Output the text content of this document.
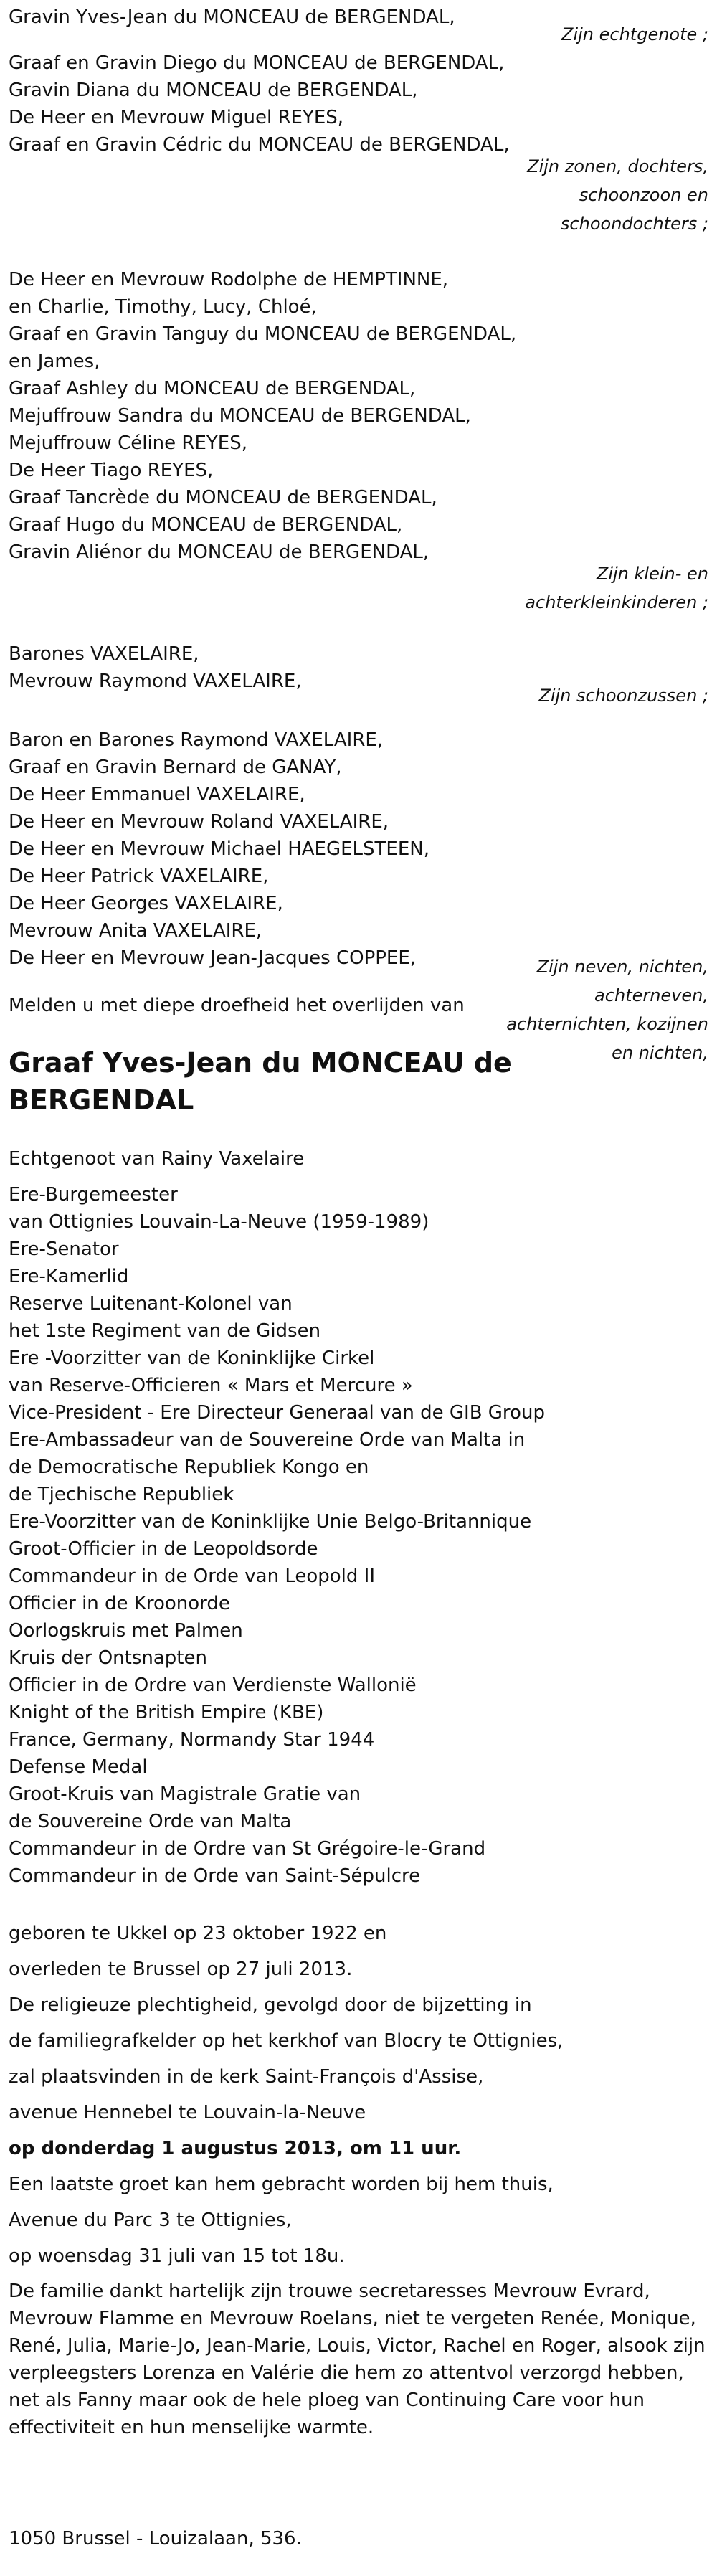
Gravin Yves-Jean du MONCEAU de BERGENDAL,
Zijn echtgenote ;
Graaf en Gravin Diego du MONCEAU de BERGENDAL,
Gravin Diana du MONCEAU de BERGENDAL,
De Heer en Mevrouw Miguel REYES,
Graaf en Gravin Cédric du MONCEAU de BERGENDAL,
Zijn zonen, dochters, schoonzoon en schoondochters ;
De Heer en Mevrouw Rodolphe de HEMPTINNE,
en Charlie, Timothy, Lucy, Chloé,
Graaf en Gravin Tanguy du MONCEAU de BERGENDAL,
en James,
Graaf Ashley du MONCEAU de BERGENDAL,
Mejuffrouw Sandra du MONCEAU de BERGENDAL,
Mejuffrouw Céline REYES,
De Heer Tiago REYES,
Graaf Tancrède du MONCEAU de BERGENDAL,
Graaf Hugo du MONCEAU de BERGENDAL,
Gravin Aliénor du MONCEAU de BERGENDAL,
Zijn klein- en achterkleinkinderen ;
Barones VAXELAIRE,
Mevrouw Raymond VAXELAIRE,
Zijn schoonzussen ;
Baron en Barones Raymond VAXELAIRE,
Graaf en Gravin Bernard de GANAY,
De Heer Emmanuel VAXELAIRE,
De Heer en Mevrouw Roland VAXELAIRE,
De Heer en Mevrouw Michael HAEGELSTEEN,
De Heer Patrick VAXELAIRE,
De Heer Georges VAXELAIRE,
Mevrouw Anita VAXELAIRE,
De Heer en Mevrouw Jean-Jacques COPPEE,	Zijn neven, nichten, achterneven, achternichten, kozijnen en nichten,
Melden u met diepe droefheid het overlijden van
Graaf Yves-Jean du MONCEAU de BERGENDAL
Echtgenoot van Rainy Vaxelaire
Ere-Burgemeester
van Ottignies Louvain-La-Neuve (1959-1989)
Ere-Senator
Ere-Kamerlid
Reserve Luitenant-Kolonel van
het 1ste Regiment van de Gidsen
Ere -Voorzitter van de Koninklijke Cirkel
van Reserve-Officieren « Mars et Mercure »
Vice-President - Ere Directeur Generaal van de GIB Group
Ere-Ambassadeur van de Souvereine Orde van Malta in
de Democratische Republiek Kongo en
de Tjechische Republiek
Ere-Voorzitter van de Koninklijke Unie Belgo-Britannique
Groot-Officier in de Leopoldsorde
Commandeur in de Orde van Leopold II
Officier in de Kroonorde
Oorlogskruis met Palmen
Kruis der Ontsnapten
Officier in de Ordre van Verdienste Wallonië
Knight of the British Empire (KBE)
France, Germany, Normandy Star 1944
Defense Medal
Groot-Kruis van Magistrale Gratie van
de Souvereine Orde van Malta
Commandeur in de Ordre van St Grégoire-le-Grand
Commandeur in de Orde van Saint-Sépulcre
geboren te Ukkel op 23 oktober 1922 en
overleden te Brussel op 27 juli 2013.
De religieuze plechtigheid, gevolgd door de bijzetting in
de familiegrafkelder op het kerkhof van Blocry te Ottignies,
zal plaatsvinden in de kerk Saint-François d'Assise,
avenue Hennebel te Louvain-la-Neuve
op donderdag 1 augustus 2013, om 11 uur.
Een laatste groet kan hem gebracht worden bij hem thuis,
Avenue du Parc 3 te Ottignies,
op woensdag 31 juli van 15 tot 18u.
De familie dankt hartelijk zijn trouwe secretaresses Mevrouw Evrard, Mevrouw Flamme en Mevrouw Roelans, niet te vergeten Renée, Monique, René, Julia, Marie-Jo, Jean-Marie, Louis, Victor, Rachel en Roger, alsook zijn verpleegsters Lorenza en Valérie die hem zo attentvol verzorgd hebben, net als Fanny maar ook de hele ploeg van Continuing Care voor hun effectiviteit en hun menselijke warmte.
1050 Brussel - Louizalaan, 536.
